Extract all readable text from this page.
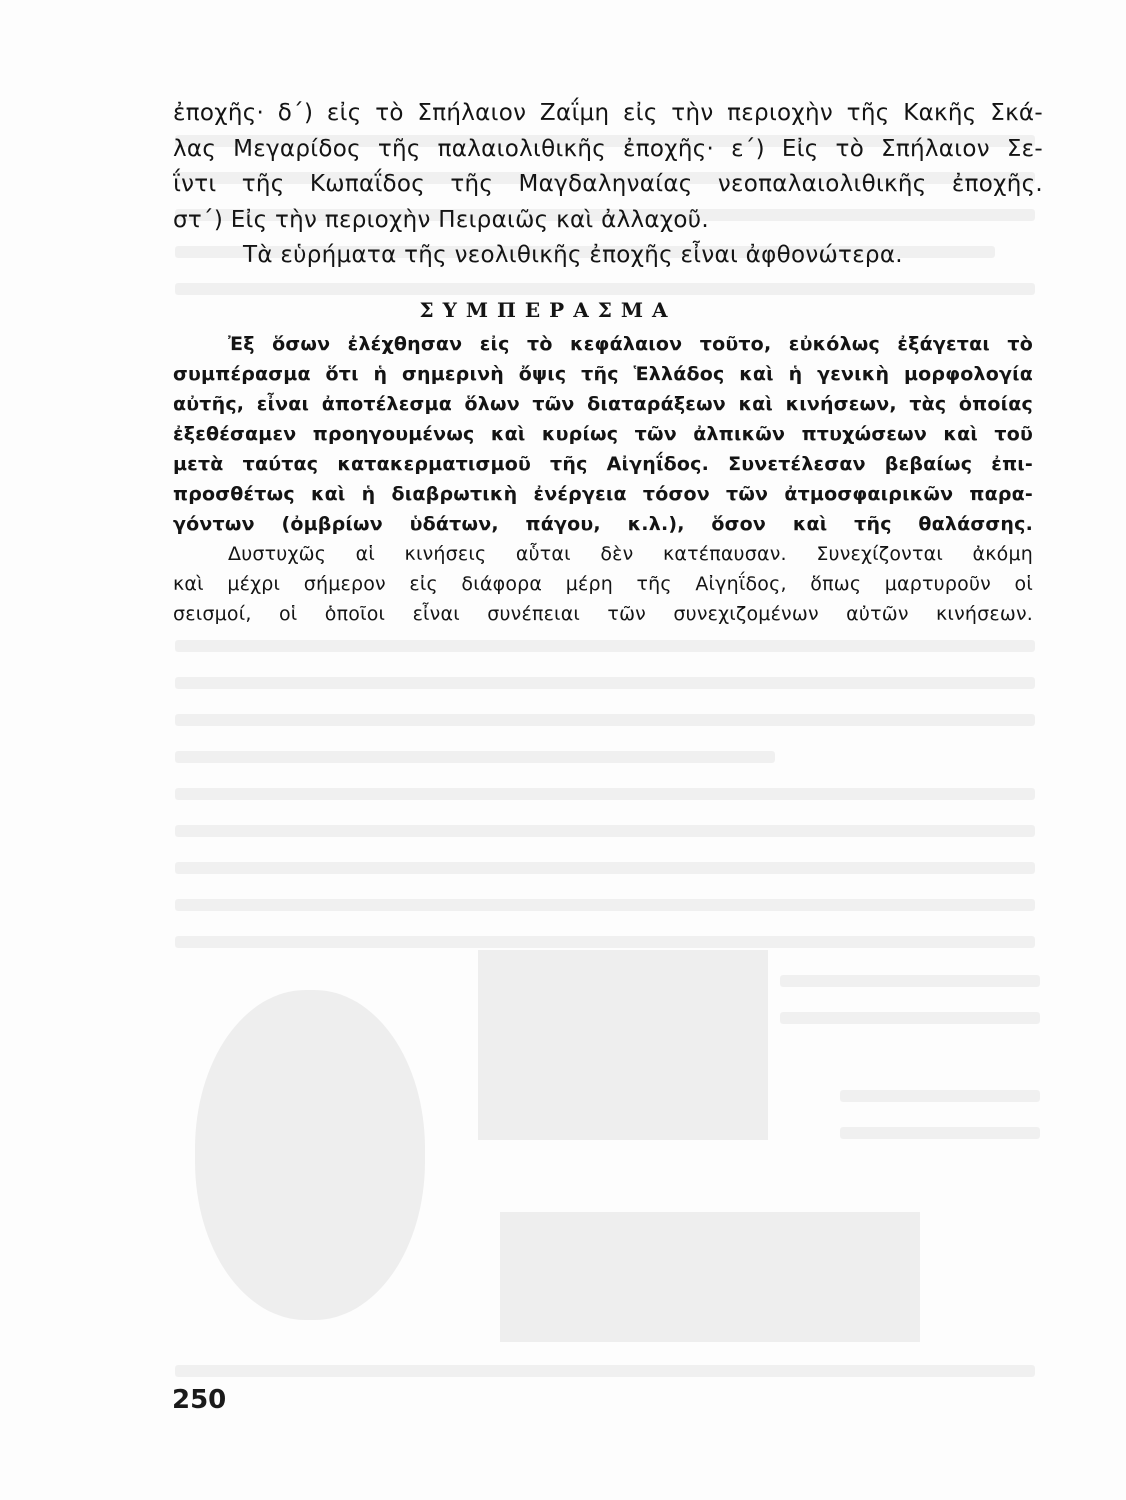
ἐποχῆς· δ΄) εἰς τὸ Σπήλαιον Ζαΐμη εἰς τὴν περιοχὴν τῆς Κακῆς Σκά-
λας Μεγαρίδος τῆς παλαιολιθικῆς ἐποχῆς· ε΄) Εἰς τὸ Σπήλαιον Σε-
ΐντι τῆς Κωπαΐδος τῆς Μαγδαληναίας νεοπαλαιολιθικῆς ἐποχῆς.
στ΄) Εἰς τὴν περιοχὴν Πειραιῶς καὶ ἀλλαχοῦ.
Τὰ εὑρήματα τῆς νεολιθικῆς ἐποχῆς εἶναι ἀφθονώτερα.
ΣΥΜΠΕΡΑΣΜΑ
Ἐξ ὅσων ἐλέχθησαν εἰς τὸ κεφάλαιον τοῦτο, εὐκόλως ἐξάγεται τὸ
συμπέρασμα ὅτι ἡ σημερινὴ ὄψις τῆς Ἑλλάδος καὶ ἡ γενικὴ μορφολογία
αὐτῆς, εἶναι ἀποτέλεσμα ὅλων τῶν διαταράξεων καὶ κινήσεων, τὰς ὁποίας
ἐξεθέσαμεν προηγουμένως καὶ κυρίως τῶν ἀλπικῶν πτυχώσεων καὶ τοῦ
μετὰ ταύτας κατακερματισμοῦ τῆς Αἰγηΐδος. Συνετέλεσαν βεβαίως ἐπι-
προσθέτως καὶ ἡ διαβρωτικὴ ἐνέργεια τόσον τῶν ἀτμοσφαιρικῶν παρα-
γόντων (ὀμβρίων ὑδάτων, πάγου, κ.λ.), ὅσον καὶ τῆς θαλάσσης.
Δυστυχῶς αἱ κινήσεις αὗται δὲν κατέπαυσαν. Συνεχίζονται ἀκόμη
καὶ μέχρι σήμερον εἰς διάφορα μέρη τῆς Αἰγηΐδος, ὅπως μαρτυροῦν οἱ
σεισμοί, οἱ ὁποῖοι εἶναι συνέπειαι τῶν συνεχιζομένων αὐτῶν κινήσεων.
250
